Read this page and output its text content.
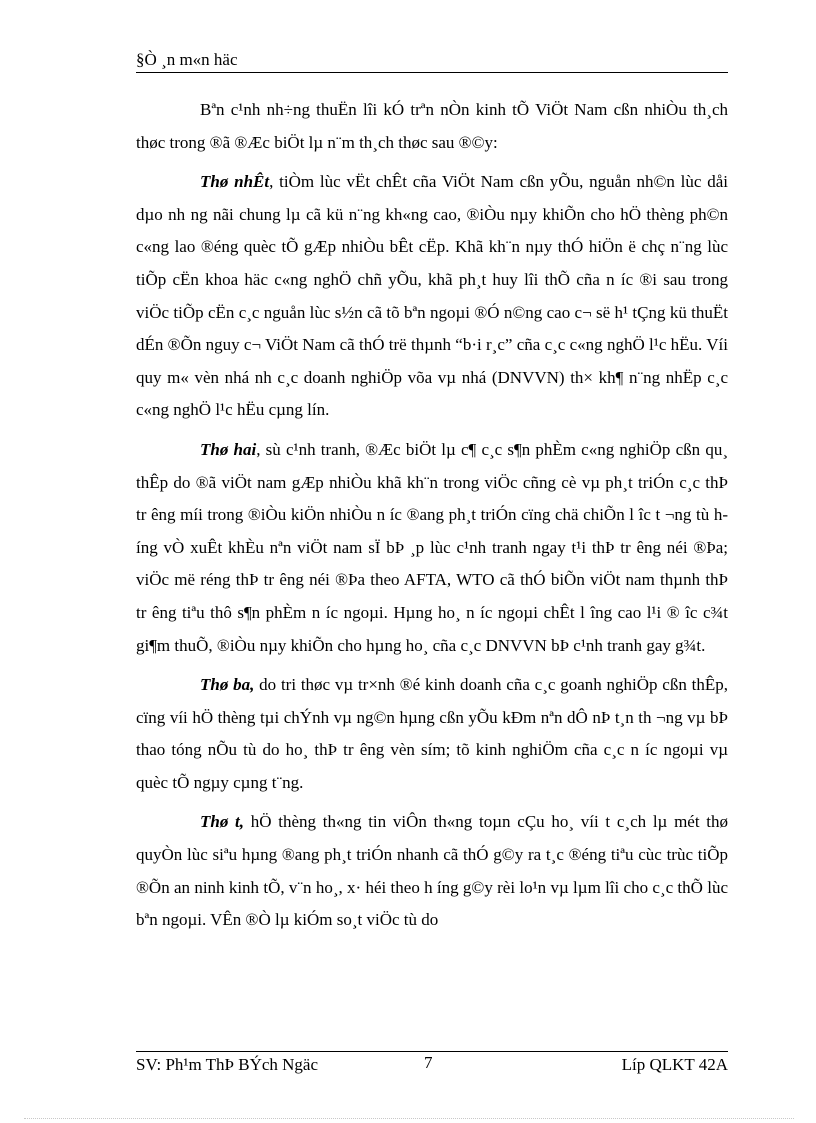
§Ò ¸n m«n häc

Bªn c¹nh nh÷ng thuËn lîi kÓ trªn nÒn kinh tÕ ViÖt Nam cßn nhiÒu th¸ch thøc trong ®ã ®Æc biÖt lµ n¨m th¸ch thøc sau ®©y:

Thø nhÊt, tiÒm lùc vËt chÊt cña ViÖt Nam cßn yÕu, nguån nh©n lùc dåi dµo nh ng nãi chung lµ cã kü n¨ng kh«ng cao, ®iÒu nµy khiÕn cho hÖ thèng ph©n c«ng lao ®éng quèc tÕ gÆp nhiÒu bÊt cËp. Khã kh¨n nµy thÓ hiÖn ë chç n¨ng lùc tiÕp cËn khoa häc c«ng nghÖ chñ yÕu, khã ph¸t huy lîi thÕ cña n íc ®i sau trong viÖc tiÕp cËn c¸c nguån lùc s½n cã tõ bªn ngoµi ®Ó n©ng cao c¬ së h¹ tÇng kü thuËt dÉn ®Õn nguy c¬ ViÖt Nam cã thÓ trë thµnh “b·i r¸c” cña c¸c c«ng nghÖ l¹c hËu. Víi quy m« vèn nhá nh c¸c doanh nghiÖp võa vµ nhá (DNVVN) th× kh¶ n¨ng nhËp c¸c c«ng nghÖ l¹c hËu cµng lín.

Thø hai, sù c¹nh tranh, ®Æc biÖt lµ c¶ c¸c s¶n phÈm c«ng nghiÖp cßn qu¸ thÊp do ®ã viÖt nam gÆp nhiÒu khã kh¨n trong viÖc cñng cè vµ ph¸t triÓn c¸c thÞ tr êng míi trong ®iÒu kiÖn nhiÒu n íc ®ang ph¸t triÓn cïng chä chiÕn l îc t ¬ng tù h íng vÒ xuÊt khÈu nªn viÖt nam sÏ bÞ ¸p lùc c¹nh tranh ngay t¹i thÞ tr êng néi ®Þa; viÖc më réng thÞ tr êng néi ®Þa theo AFTA, WTO cã thÓ biÕn viÖt nam thµnh thÞ tr êng tiªu thô s¶n phÈm n íc ngoµi. Hµng ho¸ n íc ngoµi chÊt l îng cao l¹i ® îc c¾t gi¶m thuÕ, ®iÒu nµy khiÕn cho hµng ho¸ cña c¸c DNVVN bÞ c¹nh tranh gay g¾t.

Thø ba, do tri thøc vµ tr×nh ®é kinh doanh cña c¸c goanh nghiÖp cßn thÊp, cïng víi hÖ thèng tµi chÝnh vµ ng©n hµng cßn yÕu kÐm nªn dÔ nÞ t¸n th ¬ng vµ bÞ thao tóng nÕu tù do ho¸ thÞ tr êng vèn sím; tõ kinh nghiÖm cña c¸c n íc ngoµi vµ quèc tÕ ngµy cµng t¨ng.

Thø t, hÖ thèng th«ng tin viÔn th«ng toµn cÇu ho¸ víi t c¸ch lµ mét thø quyÒn lùc siªu hµng ®ang ph¸t triÓn nhanh cã thÓ g©y ra t¸c ®éng tiªu cùc trùc tiÕp ®Õn an ninh kinh tÕ, v¨n ho¸, x· héi theo h íng g©y rèi lo¹n vµ lµm lîi cho c¸c thÕ lùc bªn ngoµi. VÊn ®Ò lµ kiÓm so¸t viÖc tù do

SV: Ph¹m ThÞ BÝch Ngäc	7	Líp QLKT 42A
